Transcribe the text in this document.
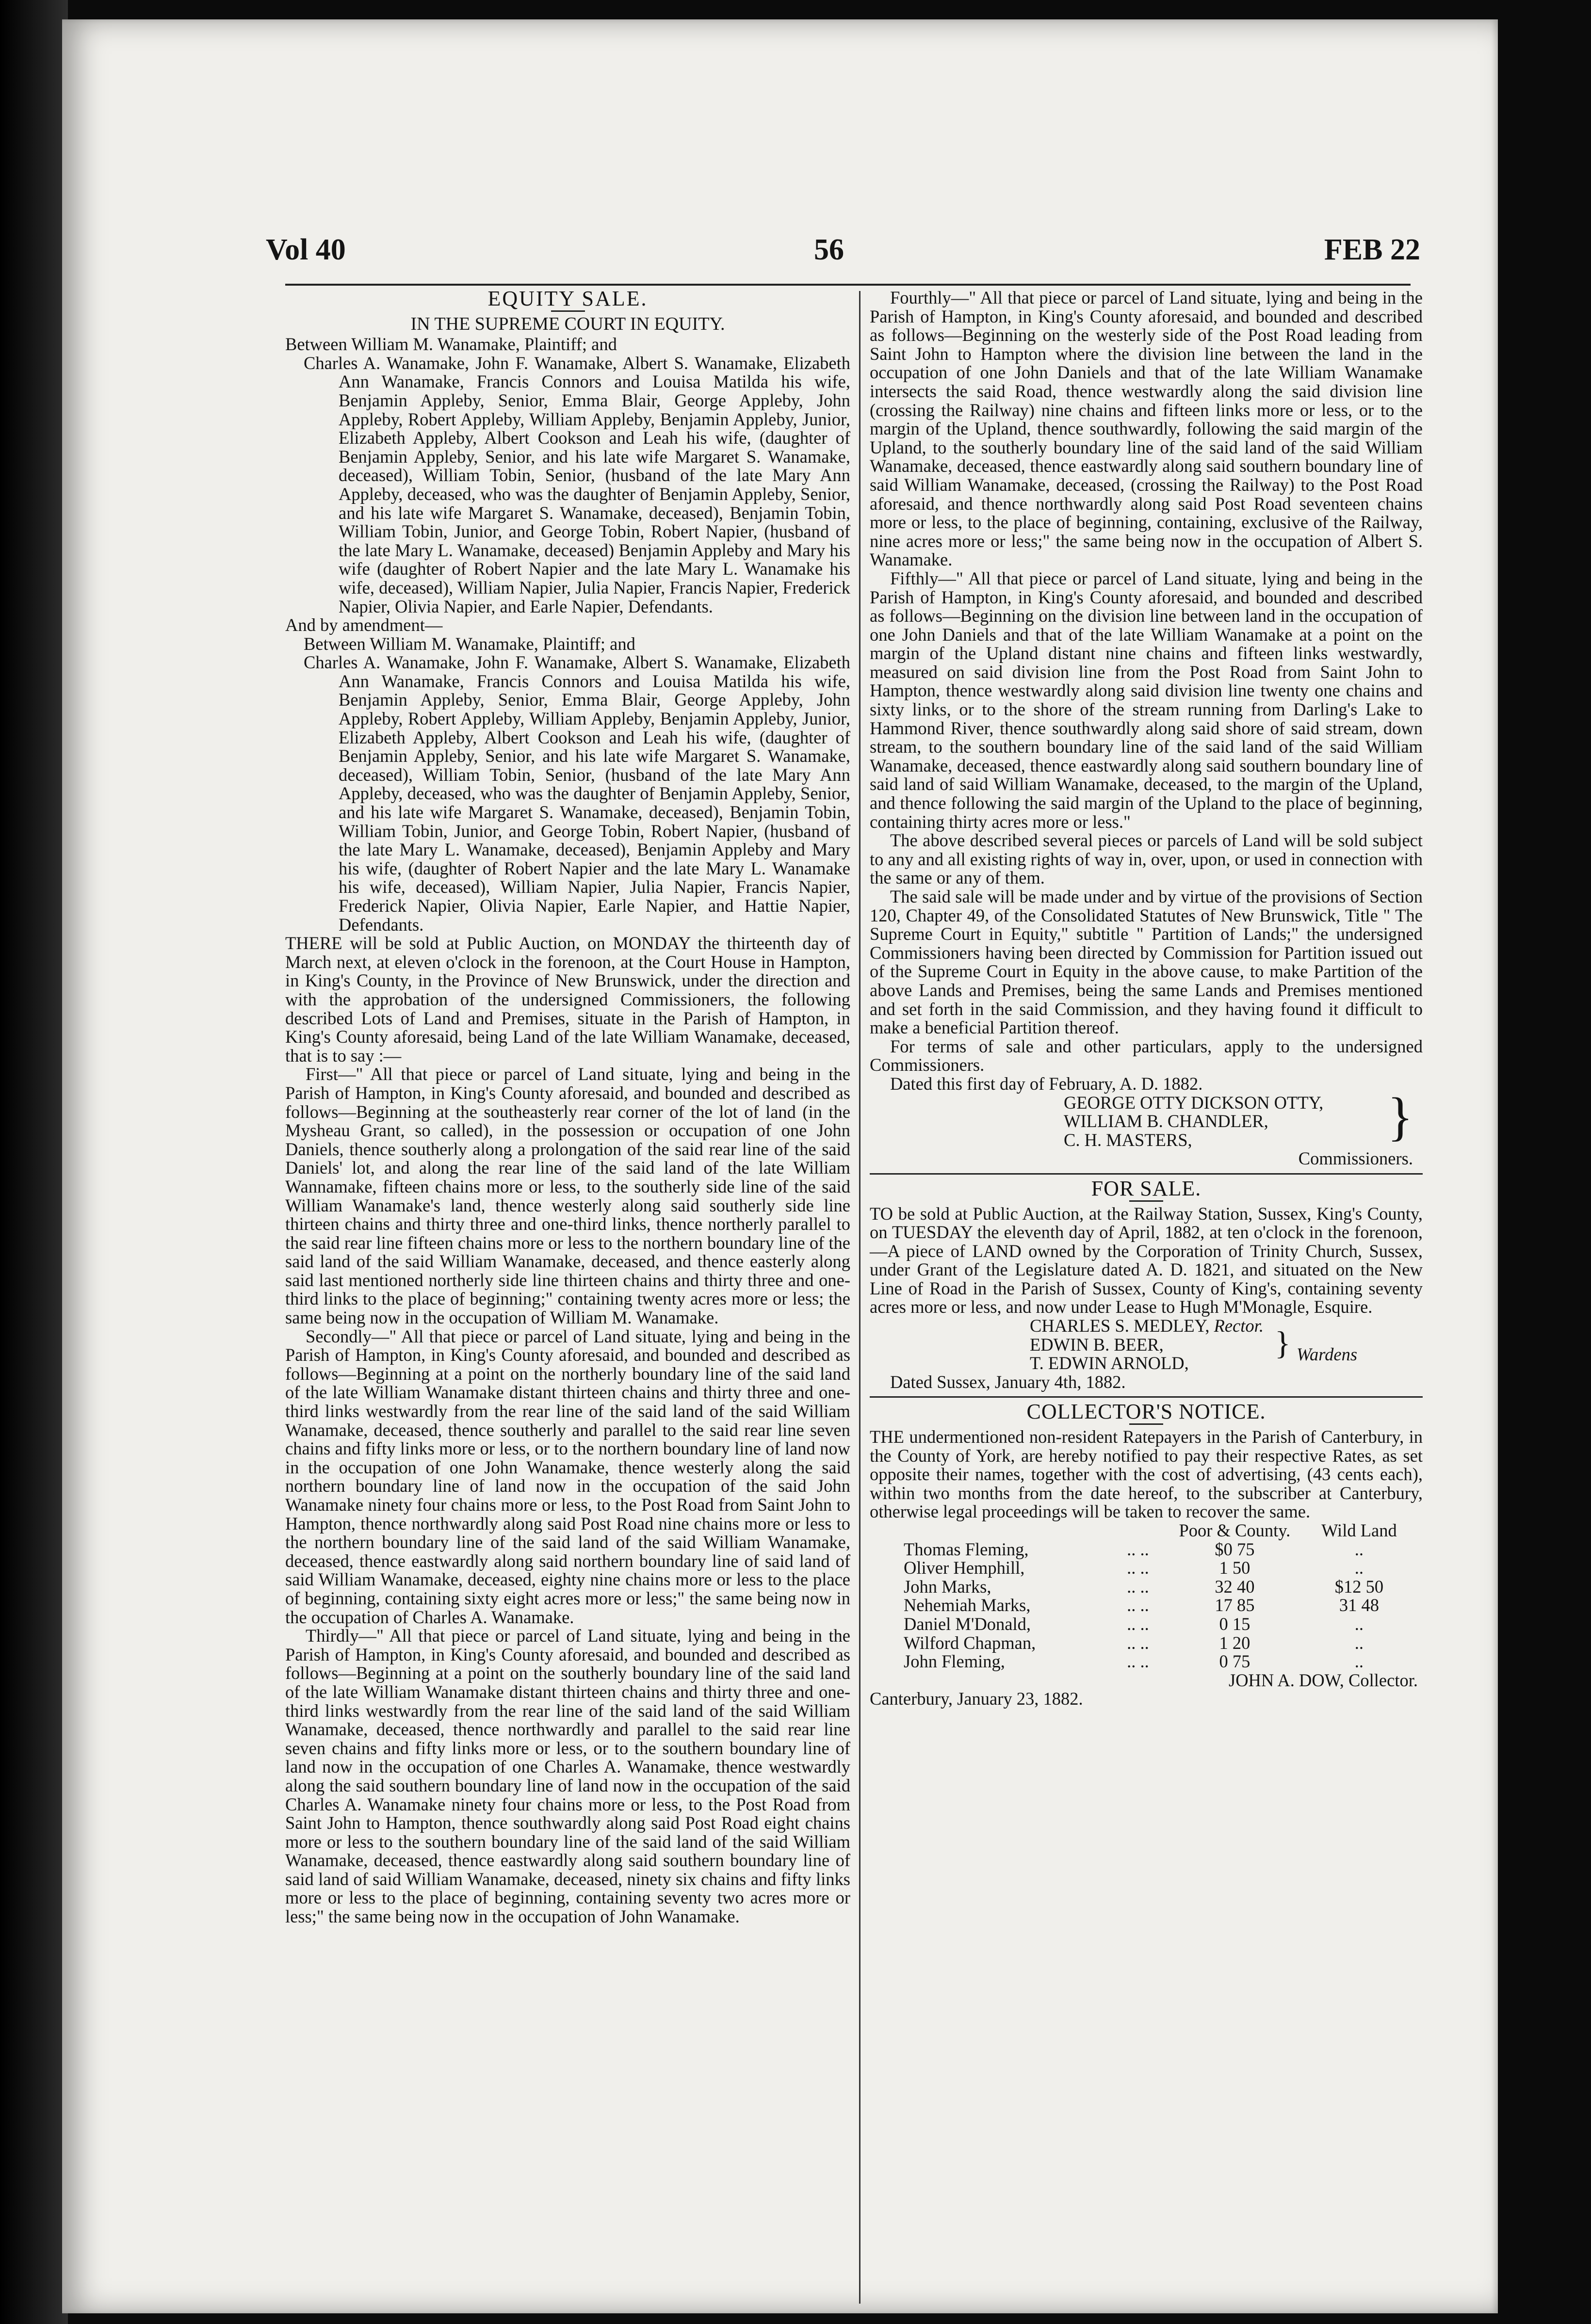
Vol 40	56	FEB 22

EQUITY SALE.

IN THE SUPREME COURT IN EQUITY.

Between William M. Wanamake, Plaintiff; and

Charles A. Wanamake, John F. Wanamake, Albert S. Wanamake, Elizabeth Ann Wanamake, Francis Connors and Louisa Matilda his wife, Benjamin Appleby, Senior, Emma Blair, George Appleby, John Appleby, Robert Appleby, William Appleby, Benjamin Appleby, Junior, Elizabeth Appleby, Albert Cookson and Leah his wife, (daughter of Benjamin Appleby, Senior, and his late wife Margaret S. Wanamake, deceased), William Tobin, Senior, (husband of the late Mary Ann Appleby, deceased, who was the daughter of Benjamin Appleby, Senior, and his late wife Margaret S. Wanamake, deceased), Benjamin Tobin, William Tobin, Junior, and George Tobin, Robert Napier, (husband of the late Mary L. Wanamake, deceased) Benjamin Appleby and Mary his wife (daughter of Robert Napier and the late Mary L. Wanamake his wife, deceased), William Napier, Julia Napier, Francis Napier, Frederick Napier, Olivia Napier, and Earle Napier, Defendants.

And by amendment—

Between William M. Wanamake, Plaintiff; and

Charles A. Wanamake, John F. Wanamake, Albert S. Wanamake, Elizabeth Ann Wanamake, Francis Connors and Louisa Matilda his wife, Benjamin Appleby, Senior, Emma Blair, George Appleby, John Appleby, Robert Appleby, William Appleby, Benjamin Appleby, Junior, Elizabeth Appleby, Albert Cookson and Leah his wife, (daughter of Benjamin Appleby, Senior, and his late wife Margaret S. Wanamake, deceased), William Tobin, Senior, (husband of the late Mary Ann Appleby, deceased, who was the daughter of Benjamin Appleby, Senior, and his late wife Margaret S. Wanamake, deceased), Benjamin Tobin, William Tobin, Junior, and George Tobin, Robert Napier, (husband of the late Mary L. Wanamake, deceased), Benjamin Appleby and Mary his wife, (daughter of Robert Napier and the late Mary L. Wanamake his wife, deceased), William Napier, Julia Napier, Francis Napier, Frederick Napier, Olivia Napier, Earle Napier, and Hattie Napier, Defendants.

THERE will be sold at Public Auction, on MONDAY the thirteenth day of March next, at eleven o'clock in the forenoon, at the Court House in Hampton, in King's County, in the Province of New Brunswick, under the direction and with the approbation of the undersigned Commissioners, the following described Lots of Land and Premises, situate in the Parish of Hampton, in King's County aforesaid, being Land of the late William Wanamake, deceased, that is to say :—

First—" All that piece or parcel of Land situate, lying and being in the Parish of Hampton, in King's County aforesaid, and bounded and described as follows—Beginning at the southeasterly rear corner of the lot of land (in the Mysheau Grant, so called), in the possession or occupation of one John Daniels, thence southerly along a prolongation of the said rear line of the said Daniels' lot, and along the rear line of the said land of the late William Wannamake, fifteen chains more or less, to the southerly side line of the said William Wanamake's land, thence westerly along said southerly side line thirteen chains and thirty three and one-third links, thence northerly parallel to the said rear line fifteen chains more or less to the northern boundary line of the said land of the said William Wanamake, deceased, and thence easterly along said last mentioned northerly side line thirteen chains and thirty three and one-third links to the place of beginning;" containing twenty acres more or less; the same being now in the occupation of William M. Wanamake.

Secondly—" All that piece or parcel of Land situate, lying and being in the Parish of Hampton, in King's County aforesaid, and bounded and described as follows—Beginning at a point on the northerly boundary line of the said land of the late William Wanamake distant thirteen chains and thirty three and one-third links westwardly from the rear line of the said land of the said William Wanamake, deceased, thence southerly and parallel to the said rear line seven chains and fifty links more or less, or to the northern boundary line of land now in the occupation of one John Wanamake, thence westerly along the said northern boundary line of land now in the occupation of the said John Wanamake ninety four chains more or less, to the Post Road from Saint John to Hampton, thence northwardly along said Post Road nine chains more or less to the northern boundary line of the said land of the said William Wanamake, deceased, thence eastwardly along said northern boundary line of said land of said William Wanamake, deceased, eighty nine chains more or less to the place of beginning, containing sixty eight acres more or less;" the same being now in the occupation of Charles A. Wanamake.

Thirdly—" All that piece or parcel of Land situate, lying and being in the Parish of Hampton, in King's County aforesaid, and bounded and described as follows—Beginning at a point on the southerly boundary line of the said land of the late William Wanamake distant thirteen chains and thirty three and one-third links westwardly from the rear line of the said land of the said William Wanamake, deceased, thence northwardly and parallel to the said rear line seven chains and fifty links more or less, or to the southern boundary line of land now in the occupation of one Charles A. Wanamake, thence westwardly along the said southern boundary line of land now in the occupation of the said Charles A. Wanamake ninety four chains more or less, to the Post Road from Saint John to Hampton, thence southwardly along said Post Road eight chains more or less to the southern boundary line of the said land of the said William Wanamake, deceased, thence eastwardly along said southern boundary line of said land of said William Wanamake, deceased, ninety six chains and fifty links more or less to the place of beginning, containing seventy two acres more or less;" the same being now in the occupation of John Wanamake.

Fourthly—" All that piece or parcel of Land situate, lying and being in the Parish of Hampton, in King's County aforesaid, and bounded and described as follows—Beginning on the westerly side of the Post Road leading from Saint John to Hampton where the division line between the land in the occupation of one John Daniels and that of the late William Wanamake intersects the said Road, thence westwardly along the said division line (crossing the Railway) nine chains and fifteen links more or less, or to the margin of the Upland, thence southwardly, following the said margin of the Upland, to the southerly boundary line of the said land of the said William Wanamake, deceased, thence eastwardly along said southern boundary line of said William Wanamake, deceased, (crossing the Railway) to the Post Road aforesaid, and thence northwardly along said Post Road seventeen chains more or less, to the place of beginning, containing, exclusive of the Railway, nine acres more or less;" the same being now in the occupation of Albert S. Wanamake.

Fifthly—" All that piece or parcel of Land situate, lying and being in the Parish of Hampton, in King's County aforesaid, and bounded and described as follows—Beginning on the division line between land in the occupation of one John Daniels and that of the late William Wanamake at a point on the margin of the Upland distant nine chains and fifteen links westwardly, measured on said division line from the Post Road from Saint John to Hampton, thence westwardly along said division line twenty one chains and sixty links, or to the shore of the stream running from Darling's Lake to Hammond River, thence southwardly along said shore of said stream, down stream, to the southern boundary line of the said land of the said William Wanamake, deceased, thence eastwardly along said southern boundary line of said land of said William Wanamake, deceased, to the margin of the Upland, and thence following the said margin of the Upland to the place of beginning, containing thirty acres more or less."

The above described several pieces or parcels of Land will be sold subject to any and all existing rights of way in, over, upon, or used in connection with the same or any of them.

The said sale will be made under and by virtue of the provisions of Section 120, Chapter 49, of the Consolidated Statutes of New Brunswick, Title " The Supreme Court in Equity," subtitle " Partition of Lands;" the undersigned Commissioners having been directed by Commission for Partition issued out of the Supreme Court in Equity in the above cause, to make Partition of the above Lands and Premises, being the same Lands and Premises mentioned and set forth in the said Commission, and they having found it difficult to make a beneficial Partition thereof.

For terms of sale and other particulars, apply to the undersigned Commissioners.

Dated this first day of February, A. D. 1882.

}

GEORGE OTTY DICKSON OTTY,

WILLIAM B. CHANDLER,

C. H. MASTERS,

Commissioners.

FOR SALE.

TO be sold at Public Auction, at the Railway Station, Sussex, King's County, on TUESDAY the eleventh day of April, 1882, at ten o'clock in the forenoon,—A piece of LAND owned by the Corporation of Trinity Church, Sussex, under Grant of the Legislature dated A. D. 1821, and situated on the New Line of Road in the Parish of Sussex, County of King's, containing seventy acres more or less, and now under Lease to Hugh M'Monagle, Esquire.

CHARLES S. MEDLEY, Rector. } Wardens

EDWIN B. BEER,

T. EDWIN ARNOLD,

Dated Sussex, January 4th, 1882.

COLLECTOR'S NOTICE.

THE undermentioned non-resident Ratepayers in the Parish of Canterbury, in the County of York, are hereby notified to pay their respective Rates, as set opposite their names, together with the cost of advertising, (43 cents each), within two months from the date hereof, to the subscriber at Canterbury, otherwise legal proceedings will be taken to recover the same.

		Poor & County.	Wild Land
Thomas Fleming,	.. ..	$0 75	..
Oliver Hemphill,	.. ..	1 50	..
John Marks,	.. ..	32 40	$12 50
Nehemiah Marks,	.. ..	17 85	31 48
Daniel M'Donald,	.. ..	0 15	..
Wilford Chapman,	.. ..	1 20	..
John Fleming,	.. ..	0 75	..

JOHN A. DOW, Collector.

Canterbury, January 23, 1882.
